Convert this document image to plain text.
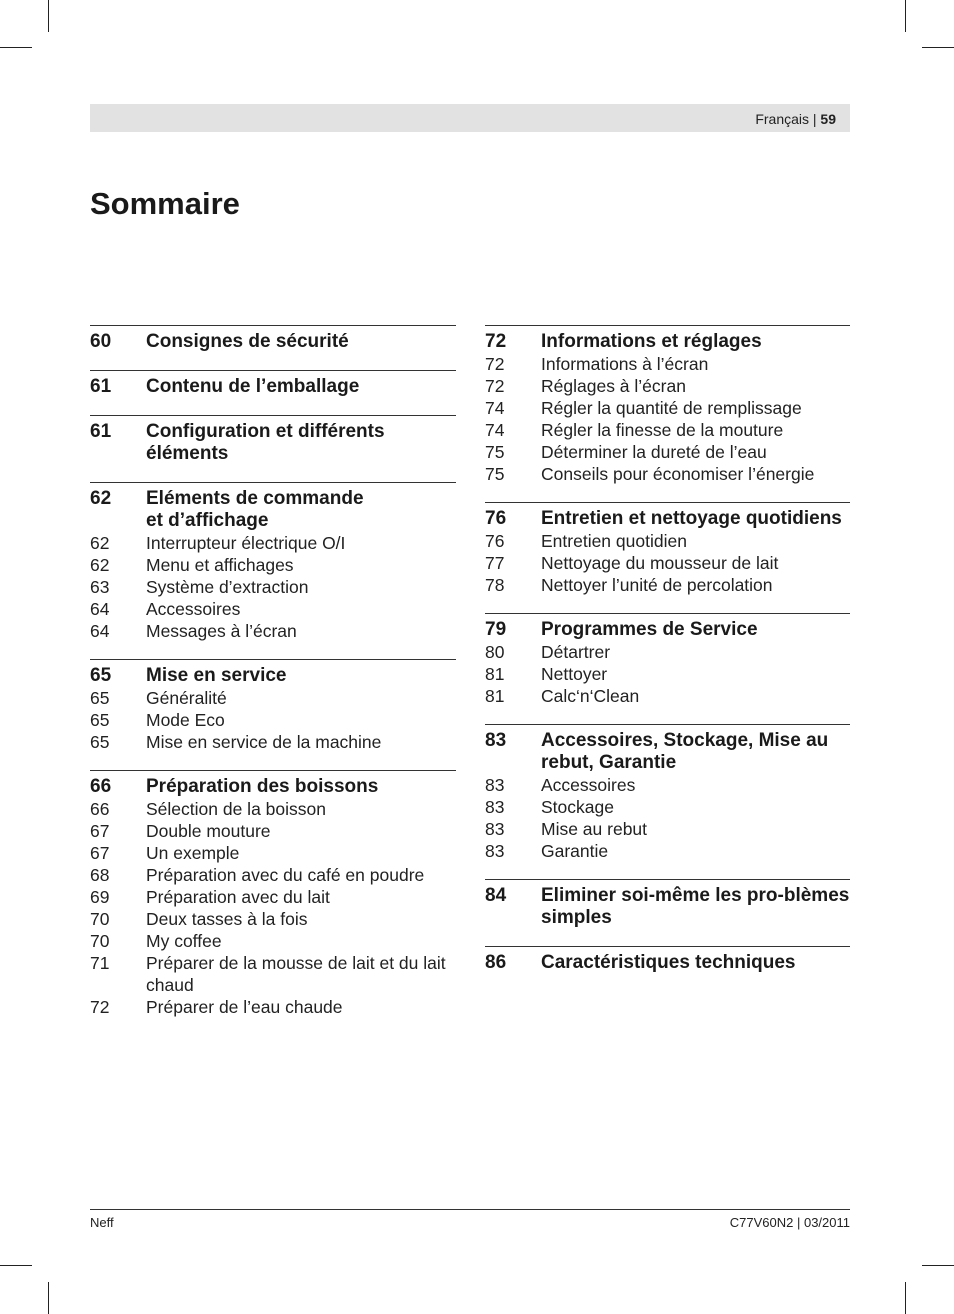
Français | 59
Sommaire
60	Consignes de sécurité
61	Contenu de l’emballage
61	Configuration et différents éléments
62	Eléments de commande
et d’affichage
62	Interrupteur électrique O/I
62	Menu et affichages
63	Système d’extraction
64	Accessoires
64	Messages à l’écran
65	Mise en service
65	Généralité
65	Mode Eco
65	Mise en service de la machine
66	Préparation des boissons
66	Sélection de la boisson
67	Double mouture
67	Un exemple
68	Préparation avec du café en poudre
69	Préparation avec du lait
70	Deux tasses à la fois
70	My coffee
71	Préparer de la mousse de lait et du lait chaud
72	Préparer de l’eau chaude
72	Informations et réglages
72	Informations à l’écran
72	Réglages à l’écran
74	Régler la quantité de remplissage
74	Régler la finesse de la mouture
75	Déterminer la dureté de l’eau
75	Conseils pour économiser l’énergie
76	Entretien et nettoyage quotidiens
76	Entretien quotidien
77	Nettoyage du mousseur de lait
78	Nettoyer l’unité de percolation
79	Programmes de Service
80	Détartrer
81	Nettoyer
81	Calc‘n‘Clean
83	Accessoires, Stockage, Mise au rebut, Garantie
83	Accessoires
83	Stockage
83	Mise au rebut
83	Garantie
84	Eliminer soi-même les pro-blèmes simples
86	Caractéristiques techniques
Neff	C77V60N2 | 03/2011
